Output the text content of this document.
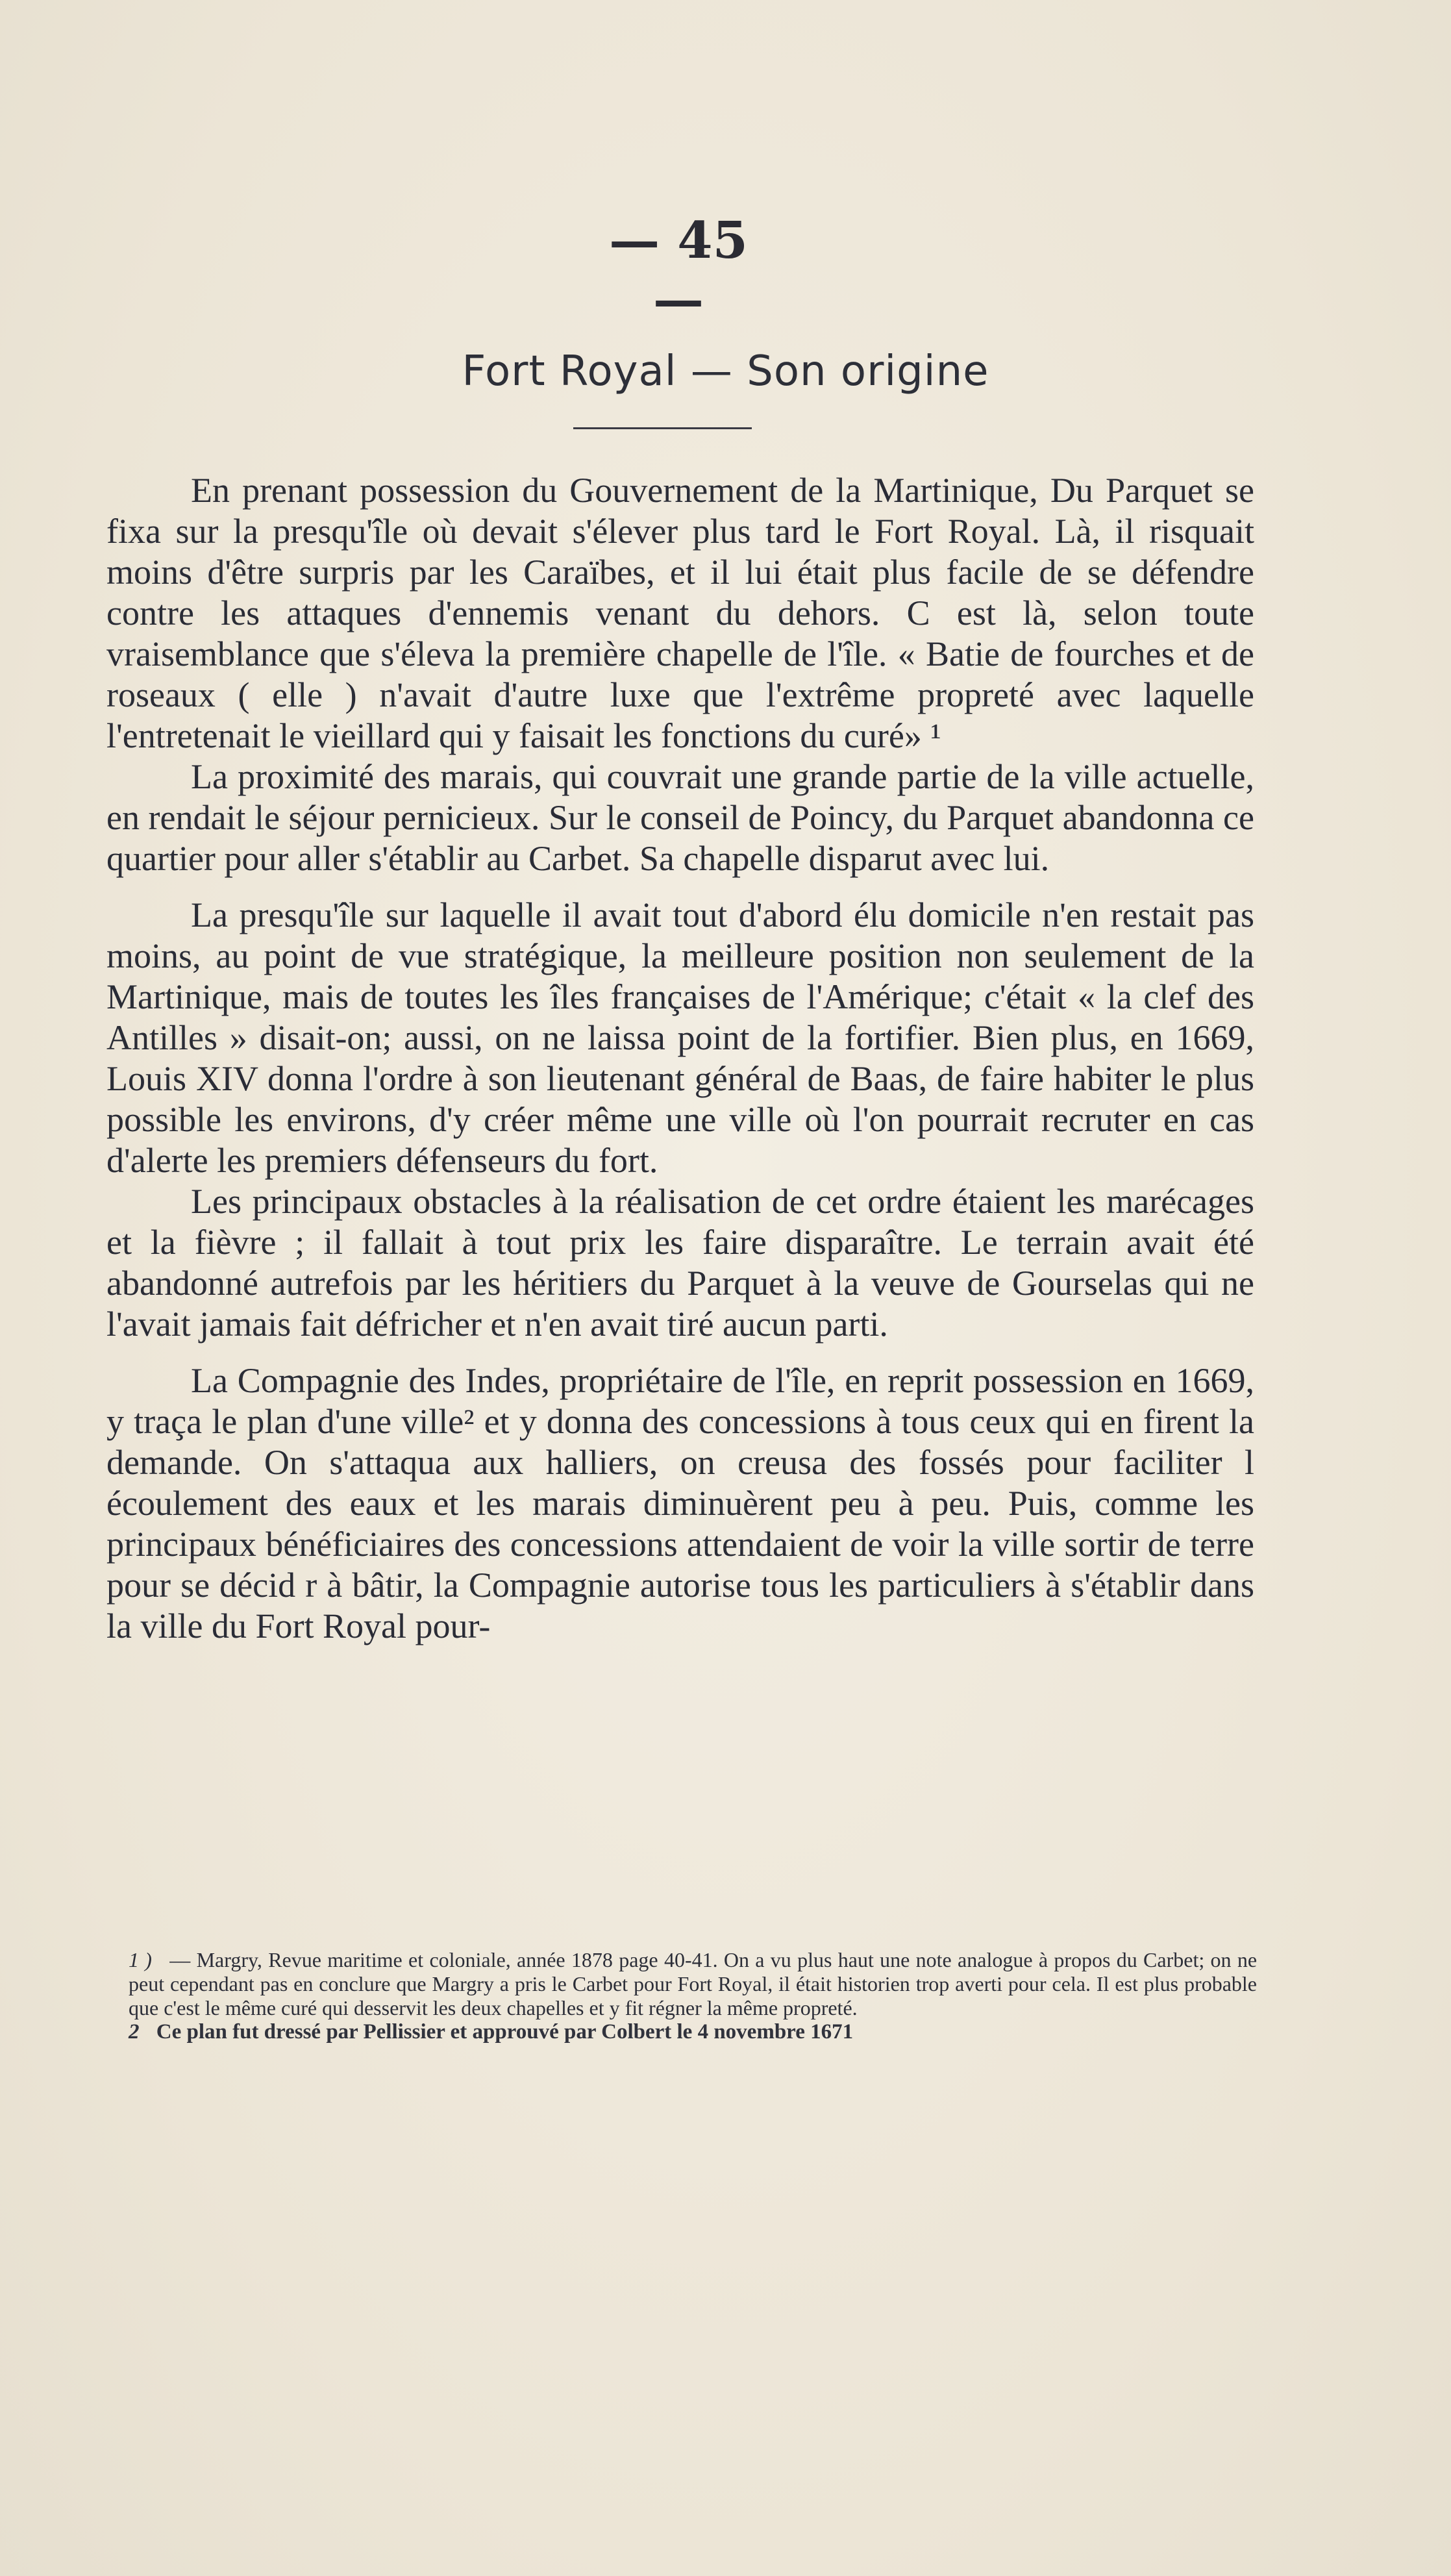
— 45 —
Fort Royal — Son origine

En prenant possession du Gouvernement de la Martinique, Du Parquet se fixa sur la presqu'île où devait s'élever plus tard le Fort Royal. Là, il risquait moins d'être surpris par les Caraïbes, et il lui était plus facile de se défendre contre les attaques d'ennemis venant du dehors. C est là, selon toute vraisemblance que s'éleva la première chapelle de l'île. « Batie de fourches et de roseaux ( elle ) n'avait d'autre luxe que l'extrême propreté avec laquelle l'entretenait le vieillard qui y faisait les fonctions du curé» ¹

La proximité des marais, qui couvrait une grande partie de la ville actuelle, en rendait le séjour pernicieux. Sur le conseil de Poincy, du Parquet abandonna ce quartier pour aller s'établir au Carbet. Sa chapelle disparut avec lui.

La presqu'île sur laquelle il avait tout d'abord élu domicile n'en restait pas moins, au point de vue stratégique, la meilleure position non seulement de la Martinique, mais de toutes les îles françaises de l'Amérique; c'était « la clef des Antilles » disait-on; aussi, on ne laissa point de la fortifier. Bien plus, en 1669, Louis XIV donna l'ordre à son lieutenant général de Baas, de faire habiter le plus possible les environs, d'y créer même une ville où l'on pourrait recruter en cas d'alerte les premiers défenseurs du fort.

Les principaux obstacles à la réalisation de cet ordre étaient les marécages et la fièvre ; il fallait à tout prix les faire disparaître. Le terrain avait été abandonné autrefois par les héritiers du Parquet à la veuve de Gourselas qui ne l'avait jamais fait défricher et n'en avait tiré aucun parti.

La Compagnie des Indes, propriétaire de l'île, en reprit possession en 1669, y traça le plan d'une ville² et y donna des concessions à tous ceux qui en firent la demande. On s'attaqua aux halliers, on creusa des fossés pour faciliter l écoulement des eaux et les marais diminuèrent peu à peu. Puis, comme les principaux bénéficiaires des concessions attendaient de voir la ville sortir de terre pour se décid r à bâtir, la Compagnie autorise tous les particuliers à s'établir dans la ville du Fort Royal pour-

1 ) — Margry, Revue maritime et coloniale, année 1878 page 40-41. On a vu plus haut une note analogue à propos du Carbet; on ne peut cependant pas en conclure que Margry a pris le Carbet pour Fort Royal, il était historien trop averti pour cela. Il est plus probable que c'est le même curé qui desservit les deux chapelles et y fit régner la même propreté.

2 Ce plan fut dressé par Pellissier et approuvé par Colbert le 4 novembre 1671
